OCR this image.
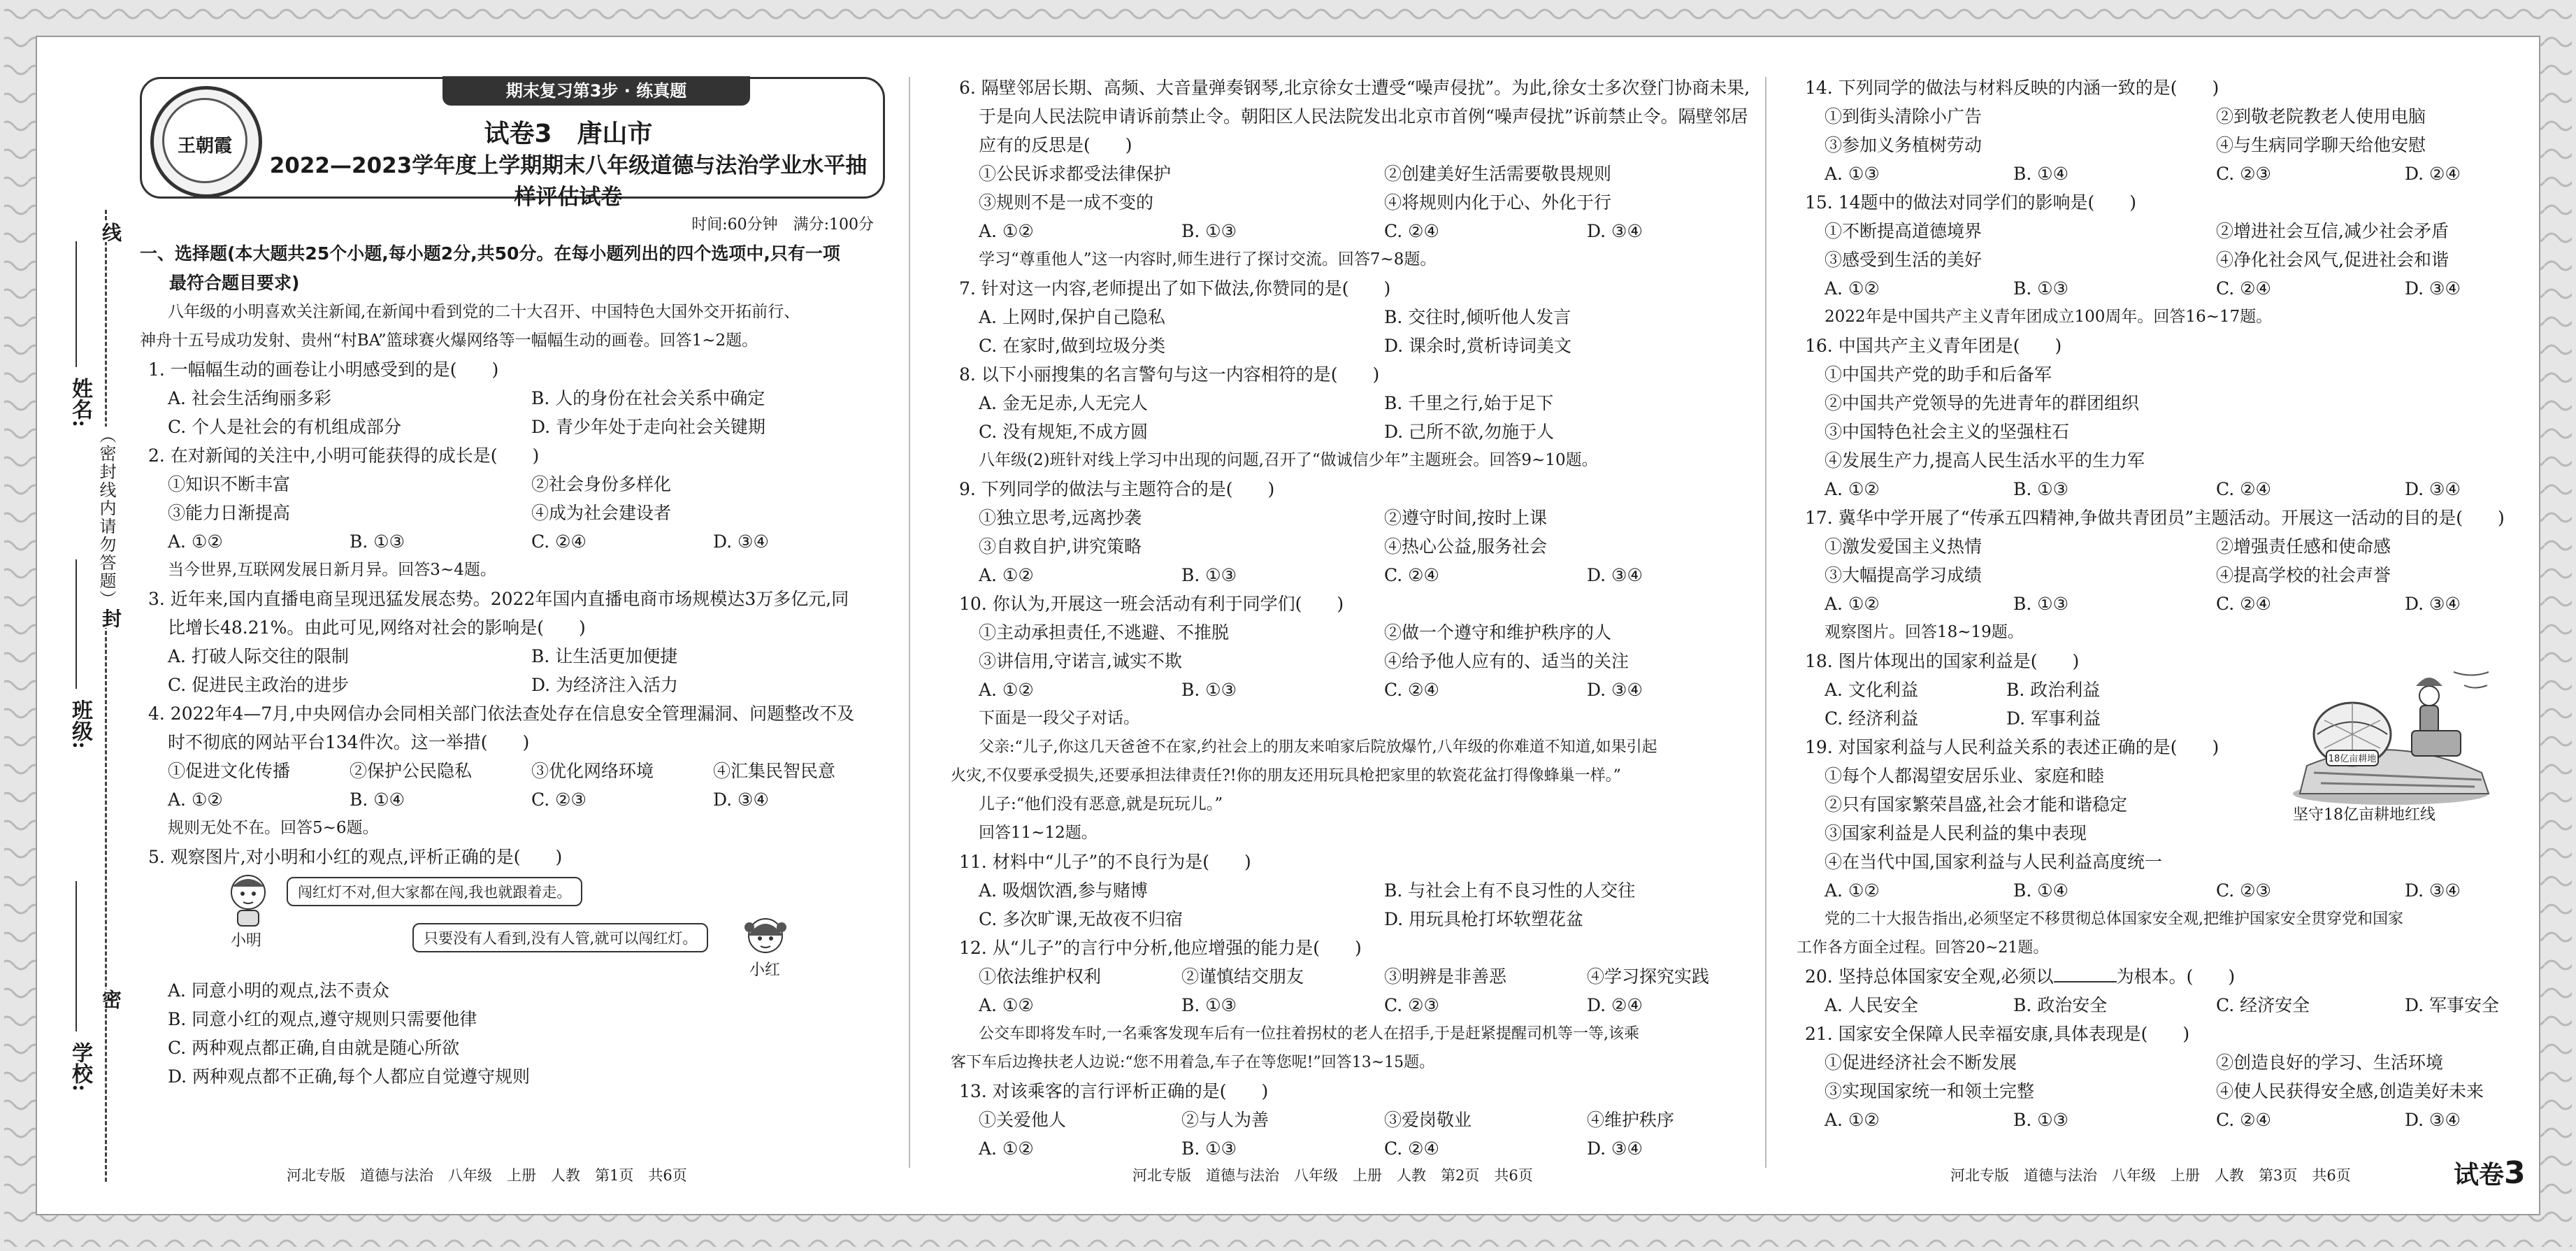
线
封
密
（密封线内请勿答题）
姓名:
班级:
学校:
期末复习第3步 · 练真题
王朝霞	试卷3　唐山市
2022—2023学年度上学期期末八年级道德与法治学业水平抽样评估试卷
时间:60分钟　满分:100分
一、选择题(本大题共25个小题,每小题2分,共50分。在每小题列出的四个选项中,只有一项
最符合题目要求)
八年级的小明喜欢关注新闻,在新闻中看到党的二十大召开、中国特色大国外交开拓前行、
神舟十五号成功发射、贵州“村BA”篮球赛火爆网络等一幅幅生动的画卷。回答1~2题。
1. 一幅幅生动的画卷让小明感受到的是(　　)
A. 社会生活绚丽多彩	B. 人的身份在社会关系中确定
C. 个人是社会的有机组成部分	D. 青少年处于走向社会关键期
2. 在对新闻的关注中,小明可能获得的成长是(　　)
①知识不断丰富	②社会身份多样化
③能力日渐提高	④成为社会建设者
A. ①②	B. ①③	C. ②④	D. ③④
当今世界,互联网发展日新月异。回答3~4题。
3. 近年来,国内直播电商呈现迅猛发展态势。2022年国内直播电商市场规模达3万多亿元,同
比增长48.21%。由此可见,网络对社会的影响是(　　)
A. 打破人际交往的限制	B. 让生活更加便捷
C. 促进民主政治的进步	D. 为经济注入活力
4. 2022年4—7月,中央网信办会同相关部门依法查处存在信息安全管理漏洞、问题整改不及
时不彻底的网站平台134件次。这一举措(　　)
①促进文化传播	②保护公民隐私	③优化网络环境	④汇集民智民意
A. ①②	B. ①④	C. ②③	D. ③④
规则无处不在。回答5~6题。
5. 观察图片,对小明和小红的观点,评析正确的是(　　)
小明
闯红灯不对,但大家都在闯,我也就跟着走。
只要没有人看到,没有人管,就可以闯红灯。
小红
A. 同意小明的观点,法不责众
B. 同意小红的观点,遵守规则只需要他律
C. 两种观点都正确,自由就是随心所欲
D. 两种观点都不正确,每个人都应自觉遵守规则
6. 隔壁邻居长期、高频、大音量弹奏钢琴,北京徐女士遭受“噪声侵扰”。为此,徐女士多次登门协商未果,
于是向人民法院申请诉前禁止令。朝阳区人民法院发出北京市首例“噪声侵扰”诉前禁止令。隔壁邻居
应有的反思是(　　)
①公民诉求都受法律保护	②创建美好生活需要敬畏规则
③规则不是一成不变的	④将规则内化于心、外化于行
A. ①②	B. ①③	C. ②④	D. ③④
学习“尊重他人”这一内容时,师生进行了探讨交流。回答7~8题。
7. 针对这一内容,老师提出了如下做法,你赞同的是(　　)
A. 上网时,保护自己隐私	B. 交往时,倾听他人发言
C. 在家时,做到垃圾分类	D. 课余时,赏析诗词美文
8. 以下小丽搜集的名言警句与这一内容相符的是(　　)
A. 金无足赤,人无完人	B. 千里之行,始于足下
C. 没有规矩,不成方圆	D. 己所不欲,勿施于人
八年级(2)班针对线上学习中出现的问题,召开了“做诚信少年”主题班会。回答9~10题。
9. 下列同学的做法与主题符合的是(　　)
①独立思考,远离抄袭	②遵守时间,按时上课
③自救自护,讲究策略	④热心公益,服务社会
A. ①②	B. ①③	C. ②④	D. ③④
10. 你认为,开展这一班会活动有利于同学们(　　)
①主动承担责任,不逃避、不推脱	②做一个遵守和维护秩序的人
③讲信用,守诺言,诚实不欺	④给予他人应有的、适当的关注
A. ①②	B. ①③	C. ②④	D. ③④
下面是一段父子对话。
父亲:“儿子,你这几天爸爸不在家,约社会上的朋友来咱家后院放爆竹,八年级的你难道不知道,如果引起
火灾,不仅要承受损失,还要承担法律责任?!你的朋友还用玩具枪把家里的软瓷花盆打得像蜂巢一样。”
儿子:“他们没有恶意,就是玩玩儿。”
回答11~12题。
11. 材料中“儿子”的不良行为是(　　)
A. 吸烟饮酒,参与赌博	B. 与社会上有不良习性的人交往
C. 多次旷课,无故夜不归宿	D. 用玩具枪打坏软塑花盆
12. 从“儿子”的言行中分析,他应增强的能力是(　　)
①依法维护权利	②谨慎结交朋友	③明辨是非善恶	④学习探究实践
A. ①②	B. ①③	C. ②③	D. ②④
公交车即将发车时,一名乘客发现车后有一位拄着拐杖的老人在招手,于是赶紧提醒司机等一等,该乘
客下车后边搀扶老人边说:“您不用着急,车子在等您呢!”回答13~15题。
13. 对该乘客的言行评析正确的是(　　)
①关爱他人	②与人为善	③爱岗敬业	④维护秩序
A. ①②	B. ①③	C. ②④	D. ③④
14. 下列同学的做法与材料反映的内涵一致的是(　　)
①到街头清除小广告	②到敬老院教老人使用电脑
③参加义务植树劳动	④与生病同学聊天给他安慰
A. ①③	B. ①④	C. ②③	D. ②④
15. 14题中的做法对同学们的影响是(　　)
①不断提高道德境界	②增进社会互信,减少社会矛盾
③感受到生活的美好	④净化社会风气,促进社会和谐
A. ①②	B. ①③	C. ②④	D. ③④
2022年是中国共产主义青年团成立100周年。回答16~17题。
16. 中国共产主义青年团是(　　)
①中国共产党的助手和后备军
②中国共产党领导的先进青年的群团组织
③中国特色社会主义的坚强柱石
④发展生产力,提高人民生活水平的生力军
A. ①②	B. ①③	C. ②④	D. ③④
17. 冀华中学开展了“传承五四精神,争做共青团员”主题活动。开展这一活动的目的是(　　)
①激发爱国主义热情	②增强责任感和使命感
③大幅提高学习成绩	④提高学校的社会声誉
A. ①②	B. ①③	C. ②④	D. ③④
观察图片。回答18~19题。
18. 图片体现出的国家利益是(　　)
A. 文化利益	B. 政治利益
C. 经济利益	D. 军事利益
19. 对国家利益与人民利益关系的表述正确的是(　　)
①每个人都渴望安居乐业、家庭和睦
②只有国家繁荣昌盛,社会才能和谐稳定
③国家利益是人民利益的集中表现
④在当代中国,国家利益与人民利益高度统一
A. ①②	B. ①④	C. ②③	D. ③④
党的二十大报告指出,必须坚定不移贯彻总体国家安全观,把维护国家安全贯穿党和国家
工作各方面全过程。回答20~21题。
20. 坚持总体国家安全观,必须以	为根本。(　　)
A. 人民安全	B. 政治安全	C. 经济安全	D. 军事安全
21. 国家安全保障人民幸福安康,具体表现是(　　)
①促进经济社会不断发展	②创造良好的学习、生活环境
③实现国家统一和领土完整	④使人民获得安全感,创造美好未来
A. ①②	B. ①③	C. ②④	D. ③④
18亿亩耕地
坚守18亿亩耕地红线
河北专版　道德与法治　八年级　上册　人教　第1页　共6页	河北专版　道德与法治　八年级　上册　人教　第2页　共6页	河北专版　道德与法治　八年级　上册　人教　第3页　共6页	试卷3
